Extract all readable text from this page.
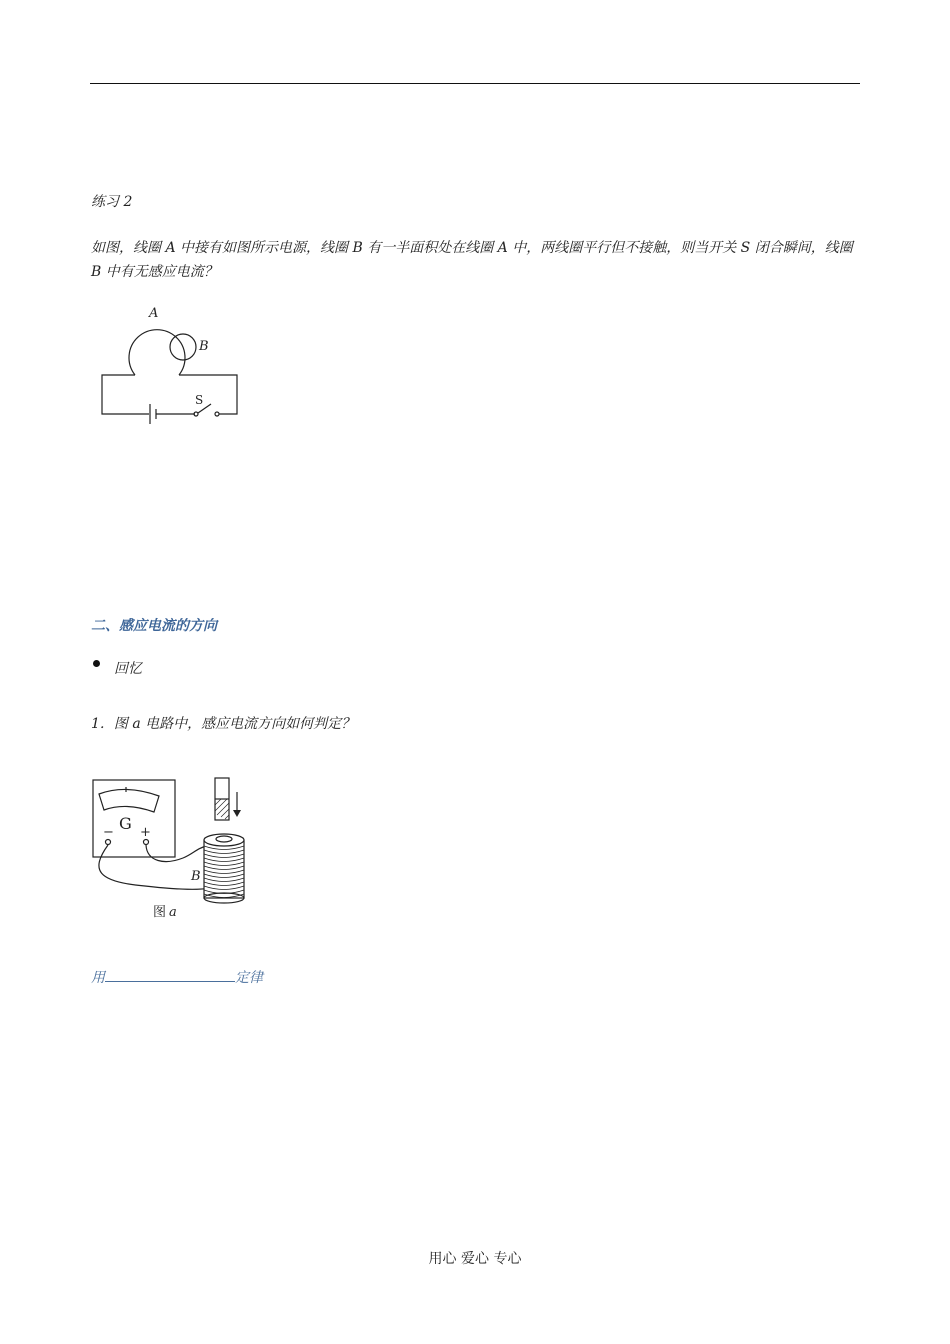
练习 2
如图，线圈 A 中接有如图所示电源，线圈 B 有一半面积处在线圈 A 中，两线圈平行但不接触，则当开关 S 闭合瞬间，线圈 B 中有无感应电流？
A
B
S
二、感应电流的方向
回忆
1．图 a 电路中，感应电流方向如何判定？
G
− +
B
图 a
用	定律
用心 爱心 专心
